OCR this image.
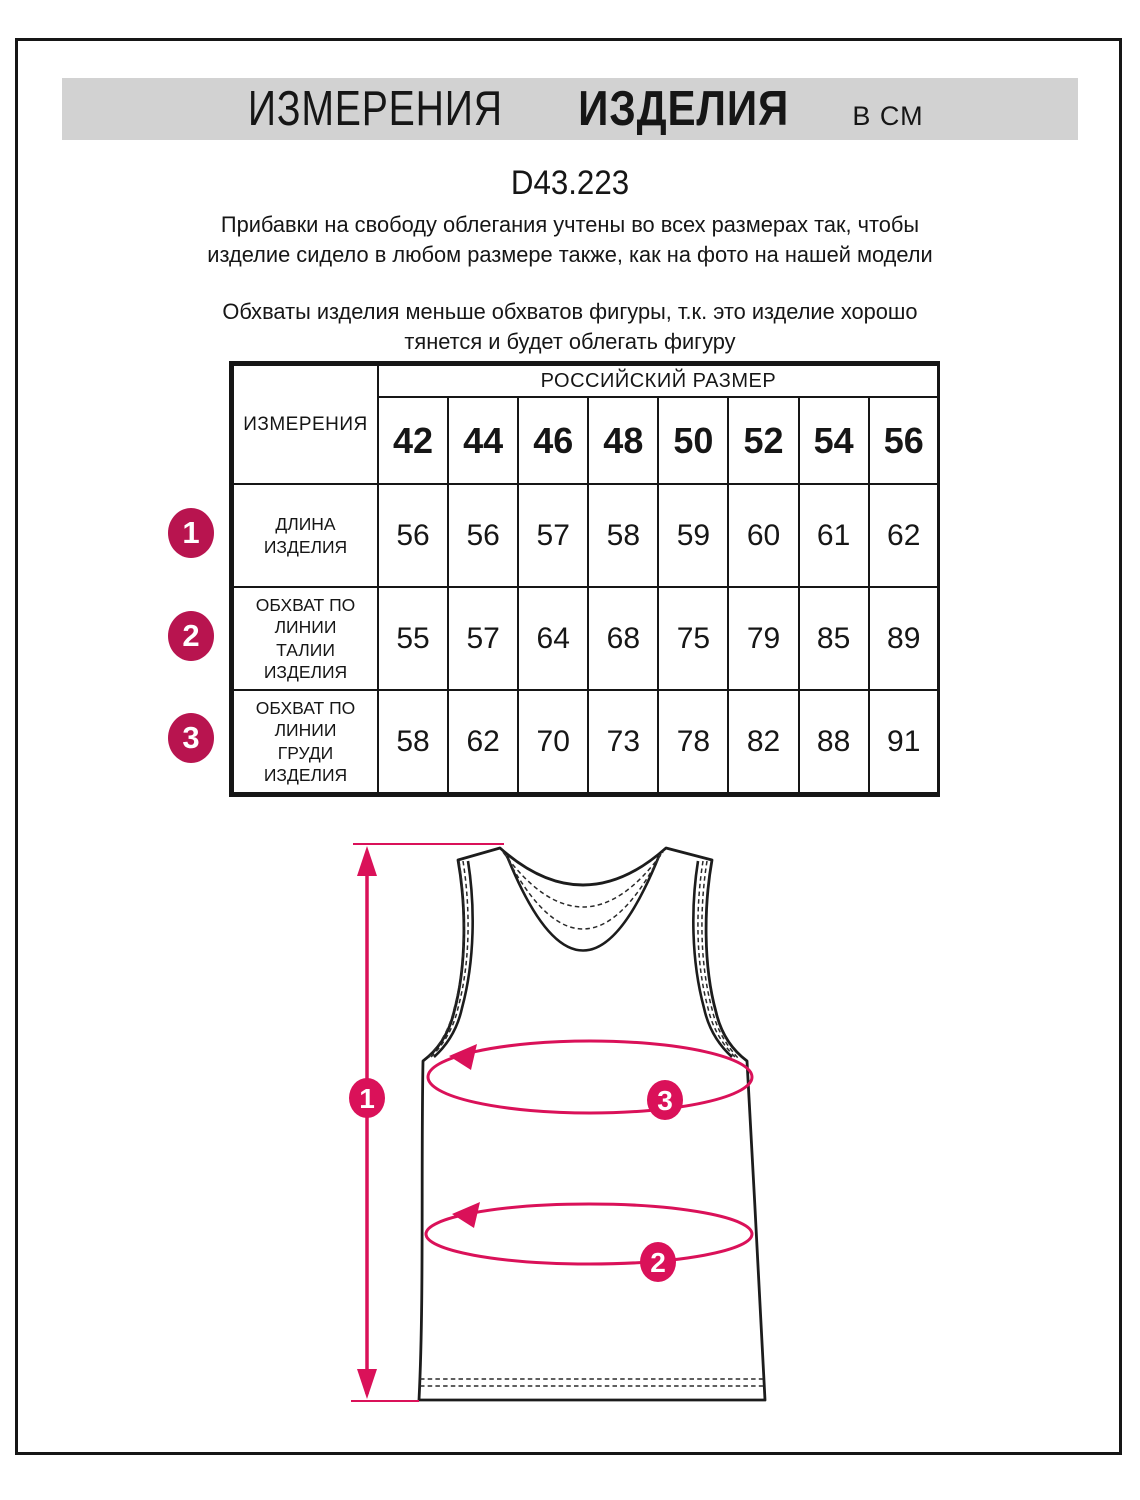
ИЗМЕРЕНИЯ ИЗДЕЛИЯ В СМ
D43.223
Прибавки на свободу облегания учтены во всех размерах так, чтобы изделие сидело в любом размере также, как на фото на нашей модели
Обхваты изделия меньше обхватов фигуры, т.к. это изделие хорошо тянется и будет облегать фигуру
ИЗМЕРЕНИЯ	РОССИЙСКИЙ РАЗМЕР							
	42	44	46	48	50	52	54	56
ДЛИНА ИЗДЕЛИЯ	56	56	57	58	59	60	61	62
ОБХВАТ ПО ЛИНИИ ТАЛИИ ИЗДЕЛИЯ	55	57	64	68	75	79	85	89
ОБХВАТ ПО ЛИНИИ ГРУДИ ИЗДЕЛИЯ	58	62	70	73	78	82	88	91
1
2
3
1	3
2
